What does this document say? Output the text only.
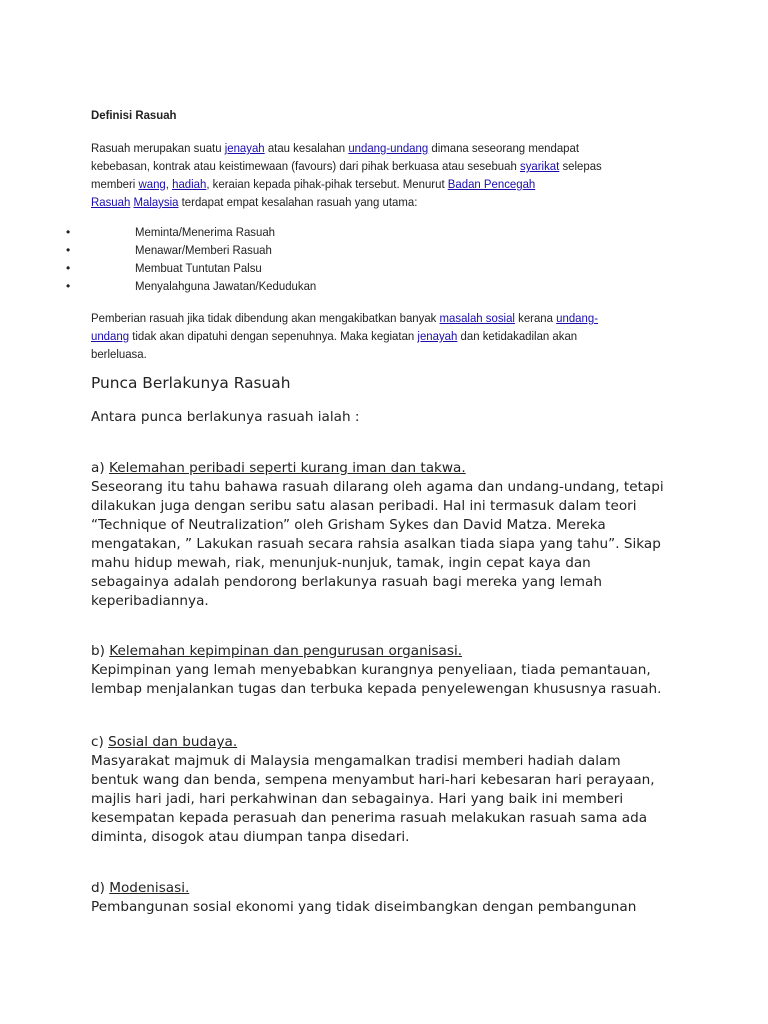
Definisi Rasuah
Rasuah merupakan suatu jenayah atau kesalahan undang-undang dimana seseorang mendapat
kebebasan, kontrak atau keistimewaan (favours) dari pihak berkuasa atau sesebuah syarikat selepas
memberi wang, hadiah, keraian kepada pihak-pihak tersebut. Menurut Badan Pencegah
Rasuah Malaysia terdapat empat kesalahan rasuah yang utama:
•	Meminta/Menerima Rasuah
•	Menawar/Memberi Rasuah
•	Membuat Tuntutan Palsu
•	Menyalahguna Jawatan/Kedudukan
Pemberian rasuah jika tidak dibendung akan mengakibatkan banyak masalah sosial kerana undang-
undang tidak akan dipatuhi dengan sepenuhnya. Maka kegiatan jenayah dan ketidakadilan akan
berleluasa.
Punca Berlakunya Rasuah
Antara punca berlakunya rasuah ialah :
a) Kelemahan peribadi seperti kurang iman dan takwa.
Seseorang itu tahu bahawa rasuah dilarang oleh agama dan undang-undang, tetapi
dilakukan juga dengan seribu satu alasan peribadi. Hal ini termasuk dalam teori
“Technique of Neutralization” oleh Grisham Sykes dan David Matza. Mereka
mengatakan, ” Lakukan rasuah secara rahsia asalkan tiada siapa yang tahu”. Sikap
mahu hidup mewah, riak, menunjuk-nunjuk, tamak, ingin cepat kaya dan
sebagainya adalah pendorong berlakunya rasuah bagi mereka yang lemah
keperibadiannya.
b) Kelemahan kepimpinan dan pengurusan organisasi.
Kepimpinan yang lemah menyebabkan kurangnya penyeliaan, tiada pemantauan,
lembap menjalankan tugas dan terbuka kepada penyelewengan khususnya rasuah.
c) Sosial dan budaya.
Masyarakat majmuk di Malaysia mengamalkan tradisi memberi hadiah dalam
bentuk wang dan benda, sempena menyambut hari-hari kebesaran hari perayaan,
majlis hari jadi, hari perkahwinan dan sebagainya. Hari yang baik ini memberi
kesempatan kepada perasuah dan penerima rasuah melakukan rasuah sama ada
diminta, disogok atau diumpan tanpa disedari.
d) Modenisasi.
Pembangunan sosial ekonomi yang tidak diseimbangkan dengan pembangunan
